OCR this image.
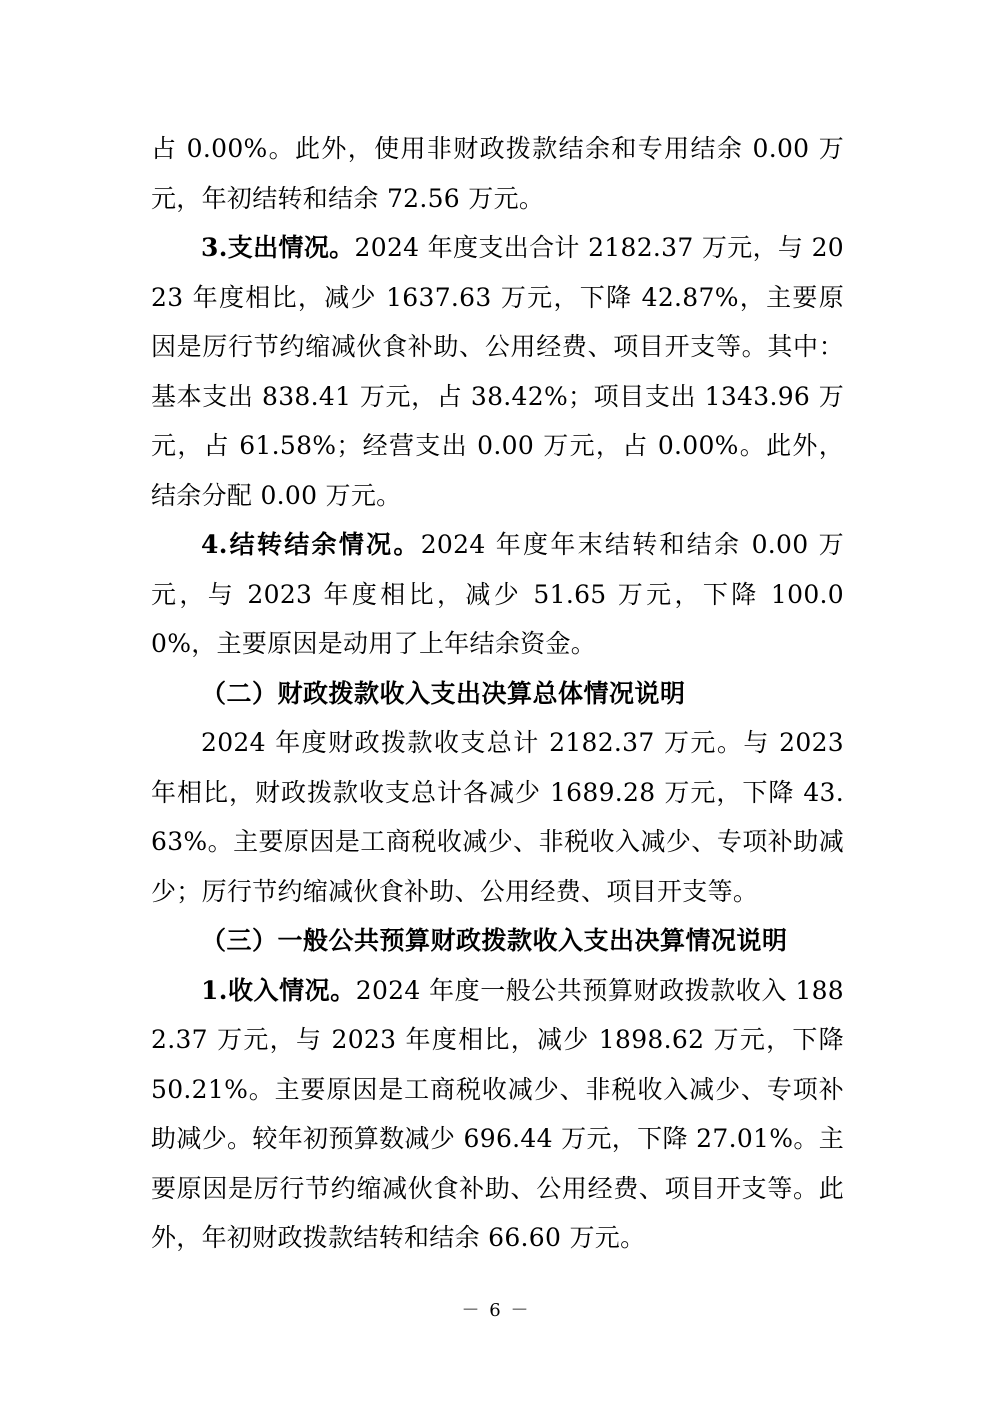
占 0.00%。此外，使用非财政拨款结余和专用结余 0.00 万元，年初结转和结余 72.56 万元。

3.支出情况。2024 年度支出合计 2182.37 万元，与 2023 年度相比，减少 1637.63 万元，下降 42.87%，主要原因是厉行节约缩减伙食补助、公用经费、项目开支等。其中：基本支出 838.41 万元，占 38.42%；项目支出 1343.96 万元，占 61.58%；经营支出 0.00 万元，占 0.00%。此外，结余分配 0.00 万元。

4.结转结余情况。2024 年度年末结转和结余 0.00 万元，与 2023 年度相比，减少 51.65 万元，下降 100.00%，主要原因是动用了上年结余资金。

（二）财政拨款收入支出决算总体情况说明

2024 年度财政拨款收支总计 2182.37 万元。与 2023 年相比，财政拨款收支总计各减少 1689.28 万元，下降 43.63%。主要原因是工商税收减少、非税收入减少、专项补助减少；厉行节约缩减伙食补助、公用经费、项目开支等。

（三）一般公共预算财政拨款收入支出决算情况说明

1.收入情况。2024 年度一般公共预算财政拨款收入 1882.37 万元，与 2023 年度相比，减少 1898.62 万元，下降 50.21%。主要原因是工商税收减少、非税收入减少、专项补助减少。较年初预算数减少 696.44 万元，下降 27.01%。主要原因是厉行节约缩减伙食补助、公用经费、项目开支等。此外，年初财政拨款结转和结余 66.60 万元。

－ 6 －
